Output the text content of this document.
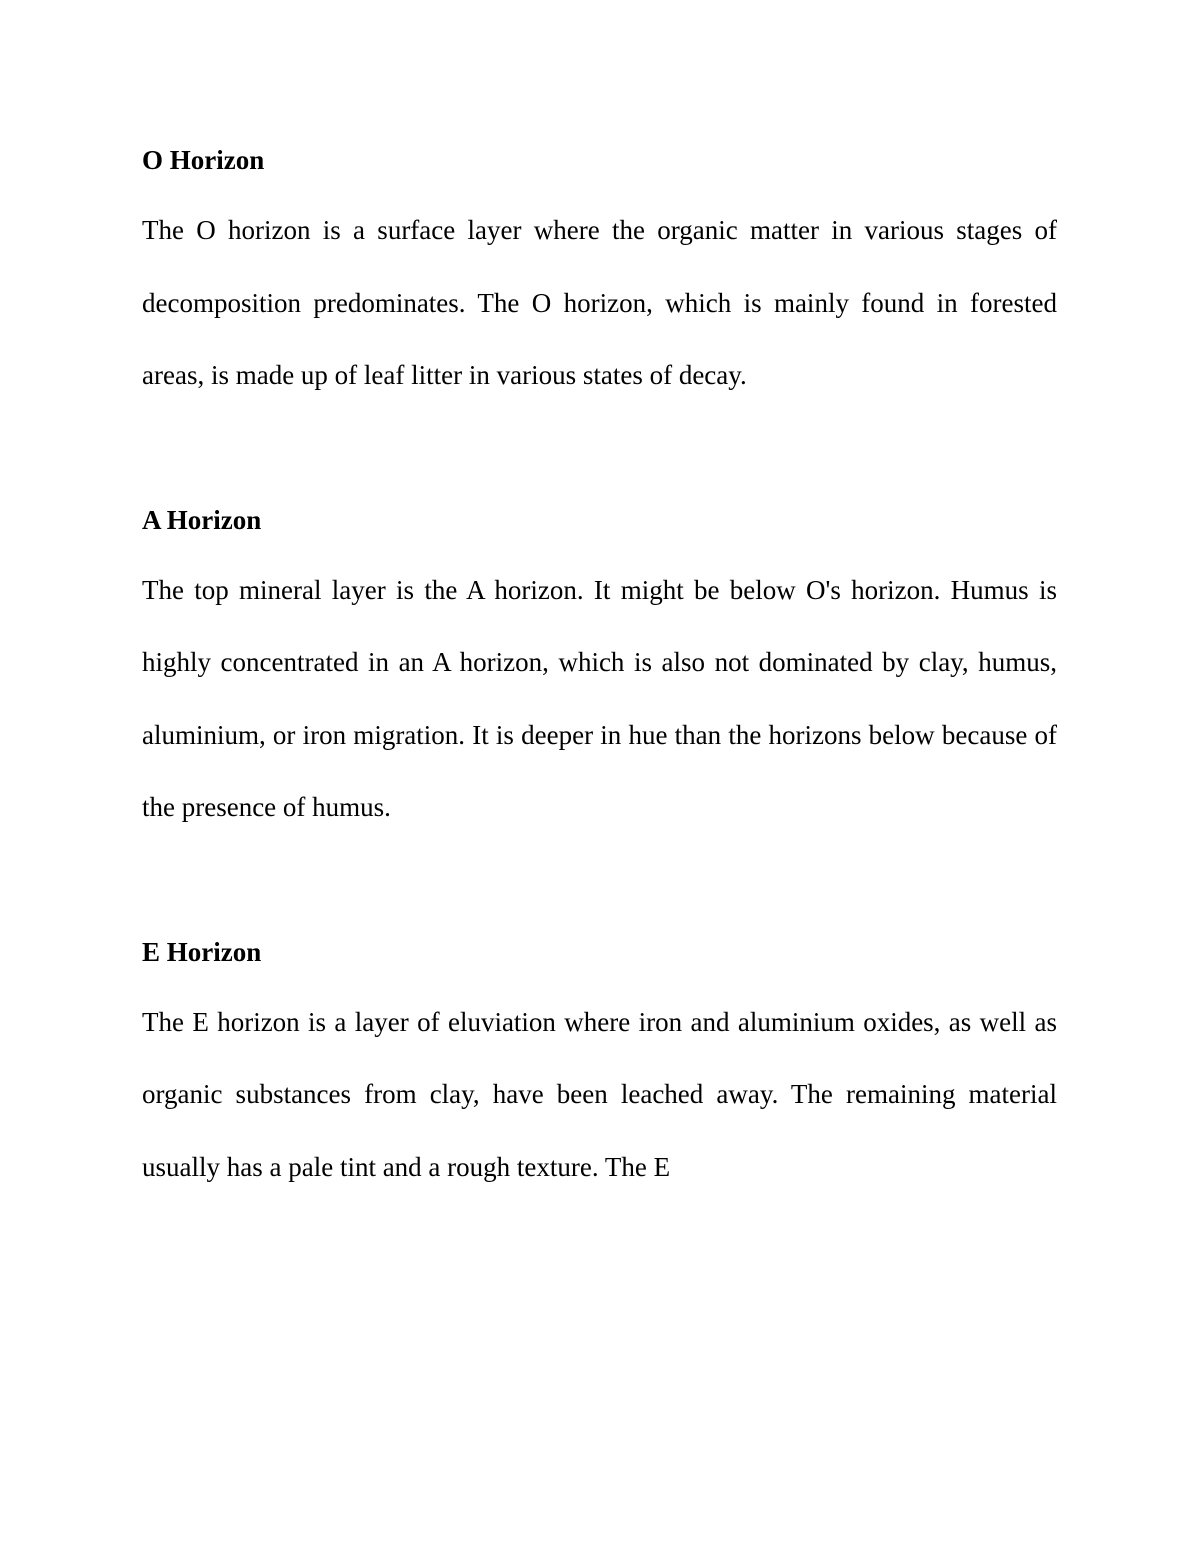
O Horizon

The O horizon is a surface layer where the organic matter in various stages of decomposition predominates. The O horizon, which is mainly found in forested areas, is made up of leaf litter in various states of decay.

A Horizon

The top mineral layer is the A horizon. It might be below O's horizon. Humus is highly concentrated in an A horizon, which is also not dominated by clay, humus, aluminium, or iron migration. It is deeper in hue than the horizons below because of the presence of humus.

E Horizon

The E horizon is a layer of eluviation where iron and aluminium oxides, as well as organic substances from clay, have been leached away. The remaining material usually has a pale tint and a rough texture. The E
